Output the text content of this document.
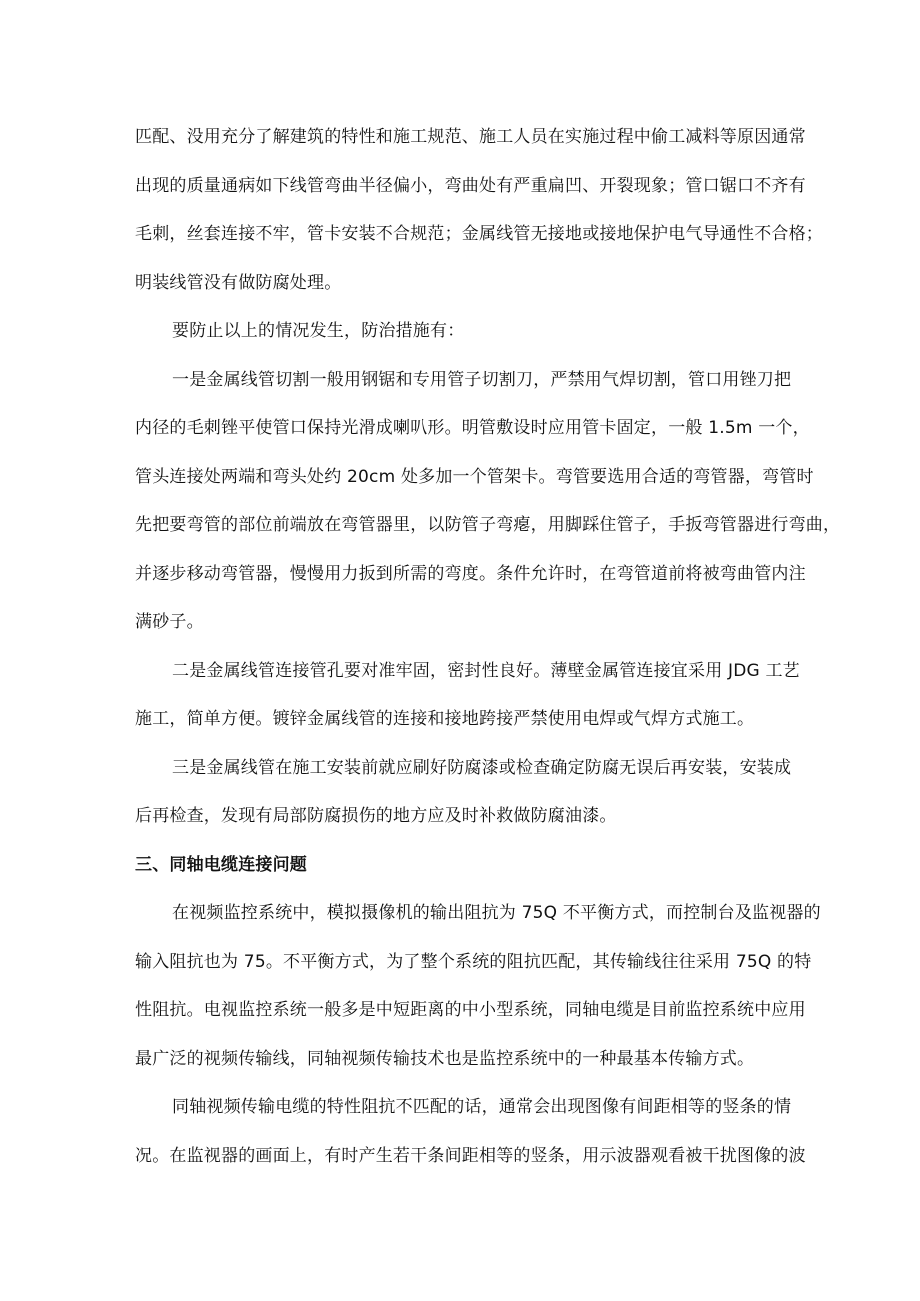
匹配、没用充分了解建筑的特性和施工规范、施工人员在实施过程中偷工减料等原因通常
出现的质量通病如下线管弯曲半径偏小，弯曲处有严重扁凹、开裂现象；管口锯口不齐有
毛刺，丝套连接不牢，管卡安装不合规范；金属线管无接地或接地保护电气导通性不合格；
明装线管没有做防腐处理。
要防止以上的情况发生，防治措施有：
一是金属线管切割一般用钢锯和专用管子切割刀，严禁用气焊切割，管口用锉刀把
内径的毛刺锉平使管口保持光滑成喇叭形。明管敷设时应用管卡固定，一般 1.5m 一个，
管头连接处两端和弯头处约 20cm 处多加一个管架卡。弯管要选用合适的弯管器，弯管时
先把要弯管的部位前端放在弯管器里，以防管子弯瘪，用脚踩住管子，手扳弯管器进行弯曲，
并逐步移动弯管器，慢慢用力扳到所需的弯度。条件允许时，在弯管道前将被弯曲管内注
满砂子。
二是金属线管连接管孔要对准牢固，密封性良好。薄壁金属管连接宜采用 JDG 工艺
施工，简单方便。镀锌金属线管的连接和接地跨接严禁使用电焊或气焊方式施工。
三是金属线管在施工安装前就应刷好防腐漆或检查确定防腐无误后再安装，安装成
后再检查，发现有局部防腐损伤的地方应及时补救做防腐油漆。
三、同轴电缆连接问题
在视频监控系统中，模拟摄像机的输出阻抗为 75Q 不平衡方式，而控制台及监视器的
输入阻抗也为 75。不平衡方式，为了整个系统的阻抗匹配，其传输线往往采用 75Q 的特
性阻抗。电视监控系统一般多是中短距离的中小型系统，同轴电缆是目前监控系统中应用
最广泛的视频传输线，同轴视频传输技术也是监控系统中的一种最基本传输方式。
同轴视频传输电缆的特性阻抗不匹配的话，通常会出现图像有间距相等的竖条的情
况。在监视器的画面上，有时产生若干条间距相等的竖条，用示波器观看被干扰图像的波
